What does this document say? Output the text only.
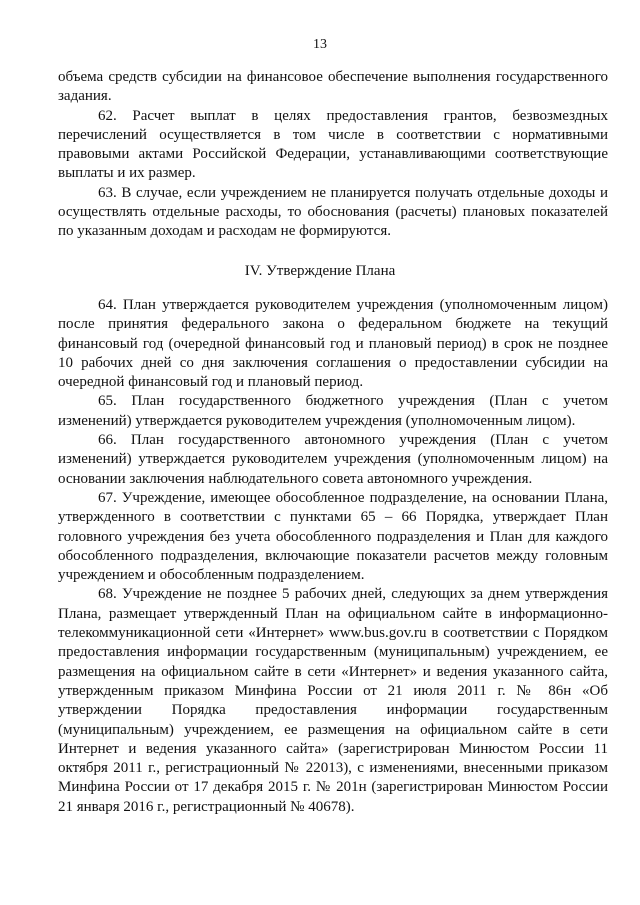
13

объема средств субсидии на финансовое обеспечение выполнения государственного задания.

62. Расчет выплат в целях предоставления грантов, безвозмездных перечислений осуществляется в том числе в соответствии с нормативными правовыми актами Российской Федерации, устанавливающими соответствующие выплаты и их размер.

63. В случае, если учреждением не планируется получать отдельные доходы и осуществлять отдельные расходы, то обоснования (расчеты) плановых показателей по указанным доходам и расходам не формируются.

IV. Утверждение Плана

64. План утверждается руководителем учреждения (уполномоченным лицом) после принятия федерального закона о федеральном бюджете на текущий финансовый год (очередной финансовый год и плановый период) в срок не позднее 10 рабочих дней со дня заключения соглашения о предоставлении субсидии на очередной финансовый год и плановый период.

65. План государственного бюджетного учреждения (План с учетом изменений) утверждается руководителем учреждения (уполномоченным лицом).

66. План государственного автономного учреждения (План с учетом изменений) утверждается руководителем учреждения (уполномоченным лицом) на основании заключения наблюдательного совета автономного учреждения.

67. Учреждение, имеющее обособленное подразделение, на основании Плана, утвержденного в соответствии с пунктами 65 – 66 Порядка, утверждает План головного учреждения без учета обособленного подразделения и План для каждого обособленного подразделения, включающие показатели расчетов между головным учреждением и обособленным подразделением.

68. Учреждение не позднее 5 рабочих дней, следующих за днем утверждения Плана, размещает утвержденный План на официальном сайте в информационно-телекоммуникационной сети «Интернет» www.bus.gov.ru в соответствии с Порядком предоставления информации государственным (муниципальным) учреждением, ее размещения на официальном сайте в сети «Интернет» и ведения указанного сайта, утвержденным приказом Минфина России от 21 июля 2011 г. № 86н «Об утверждении Порядка предоставления информации государственным (муниципальным) учреждением, ее размещения на официальном сайте в сети Интернет и ведения указанного сайта» (зарегистрирован Минюстом России 11 октября 2011 г., регистрационный № 22013), с изменениями, внесенными приказом Минфина России от 17 декабря 2015 г. № 201н (зарегистрирован Минюстом России 21 января 2016 г., регистрационный № 40678).
